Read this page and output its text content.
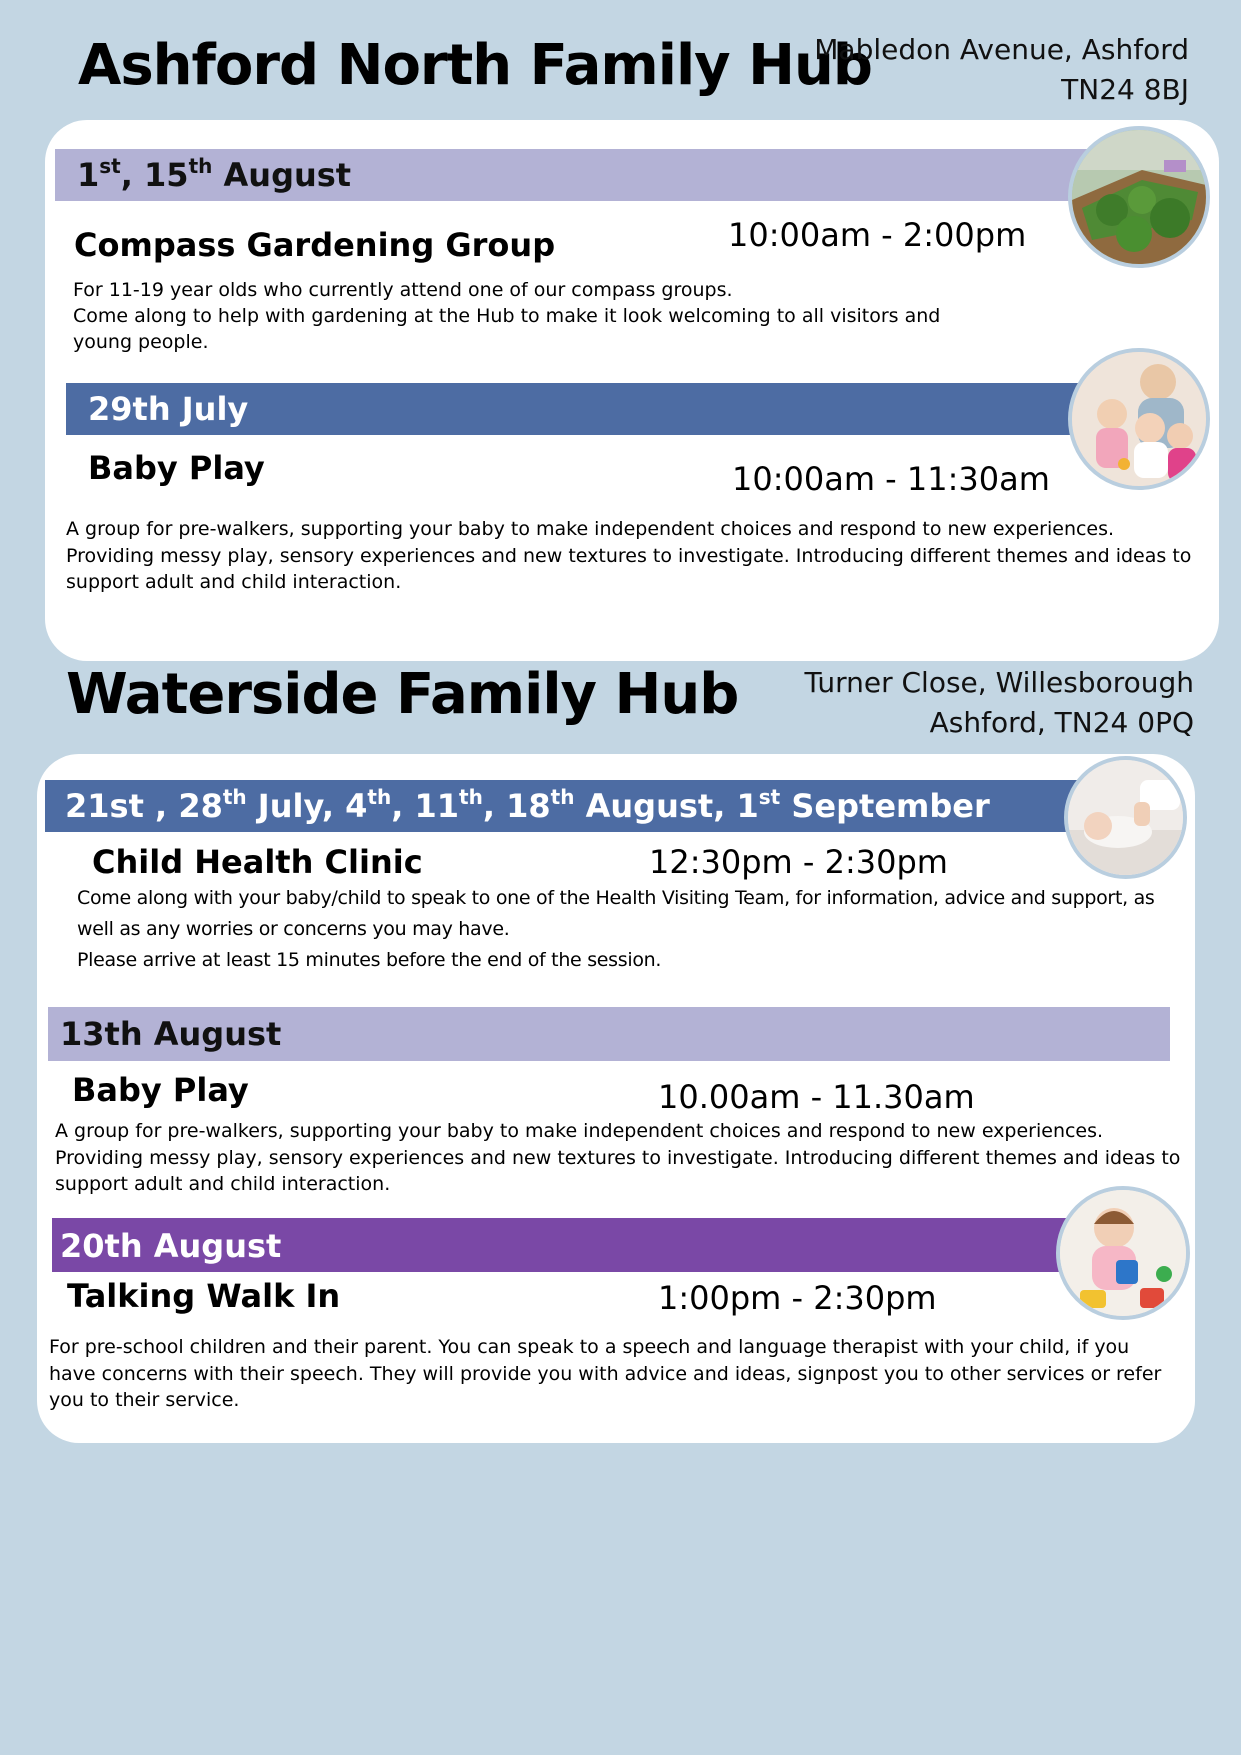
Ashford North Family Hub
Mabledon Avenue, Ashford
TN24 8BJ
1st, 15th August
Compass Gardening Group	10:00am - 2:00pm
For 11-19 year olds who currently attend one of our compass groups.
Come along to help with gardening at the Hub to make it look welcoming to all visitors and young people.
29th July
Baby Play	10:00am - 11:30am
A group for pre-walkers, supporting your baby to make independent choices and respond to new experiences. Providing messy play, sensory experiences and new textures to investigate. Introducing different themes and ideas to support adult and child interaction.
Waterside Family Hub Turner Close, Willesborough
Ashford, TN24 0PQ
21st , 28th July, 4th, 11th, 18th August, 1st September
Child Health Clinic	12:30pm - 2:30pm
Come along with your baby/child to speak to one of the Health Visiting Team, for information, advice and support, as well as any worries or concerns you may have.
Please arrive at least 15 minutes before the end of the session.
13th August
Baby Play	10.00am - 11.30am
A group for pre-walkers, supporting your baby to make independent choices and respond to new experiences. Providing messy play, sensory experiences and new textures to investigate. Introducing different themes and ideas to support adult and child interaction.
20th August
Talking Walk In	1:00pm - 2:30pm
For pre-school children and their parent. You can speak to a speech and language therapist with your child, if you have concerns with their speech. They will provide you with advice and ideas, signpost you to other services or refer you to their service.
